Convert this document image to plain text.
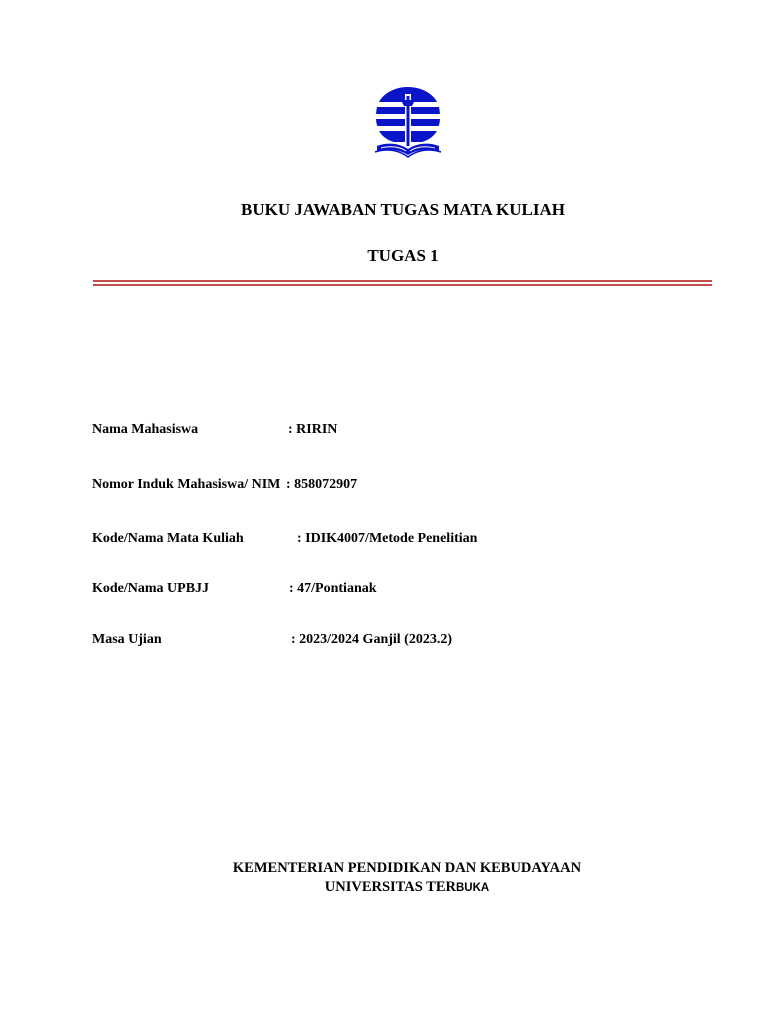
BUKU JAWABAN TUGAS MATA KULIAH
TUGAS 1
Nama Mahasiswa	: RIRIN
Nomor Induk Mahasiswa/ NIM : 858072907
Kode/Nama Mata Kuliah	: IDIK4007/Metode Penelitian
Kode/Nama UPBJJ	: 47/Pontianak
Masa Ujian	: 2023/2024 Ganjil (2023.2)
KEMENTERIAN PENDIDIKAN DAN KEBUDAYAAN
UNIVERSITAS TERBUKA
